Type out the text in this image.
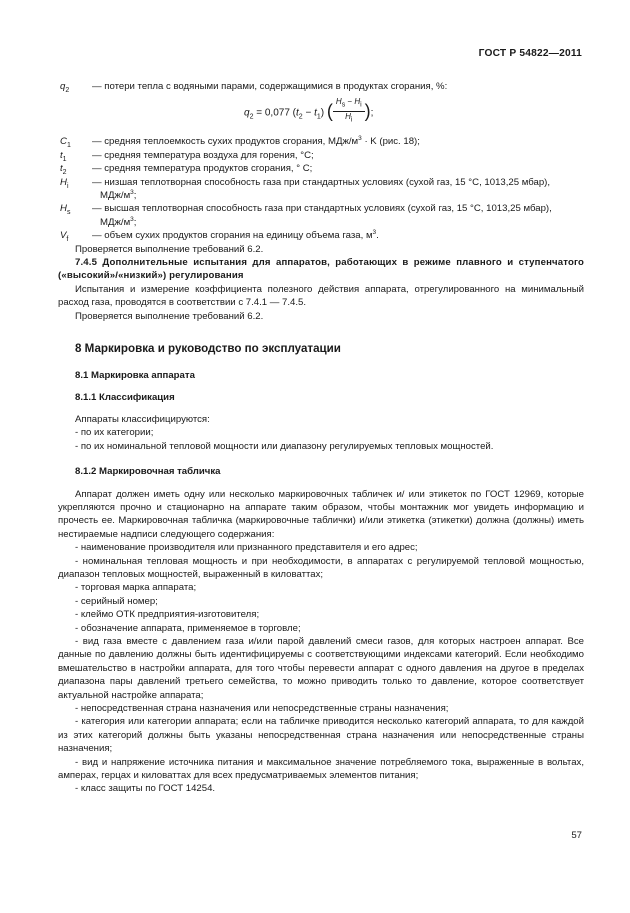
ГОСТ Р 54822—2011

$q_2$ — потери тепла с водяными парами, содержащимися в продуктах сгорания, %:

$q_2 = 0,077$ $(t_2 - t_1)$ ( $\frac{H_s - H_i}{H_i}$ );

$C_1$ — средняя теплоемкость сухих продуктов сгорания, МДж/$м^3 \cdot K$ (рис. 18);

$t_1$	— средняя температура воздуха для горения, °C;

$t_2$	— средняя температура продуктов сгорания, ° C;

$H_i$ — низшая теплотворная способность газа при стандартных условиях (сухой газ, 15 °C, 1013,25 мбар),
МДж/$м^3$;

$H_s$ — высшая теплотворная способность газа при стандартных условиях (сухой газ, 15 °C, 1013,25 мбар),
МДж/$м^3$;

$V_f$ — объем сухих продуктов сгорания на единицу объема газа, $м^3$.

Проверяется выполнение требований 6.2.

7.4.5 Дополнительные испытания для аппаратов, работающих в режиме плавного и ступенчатого («высокий»/«низкий») регулирования

Испытания и измерение коэффициента полезного действия аппарата, отрегулированного на минимальный расход газа, проводятся в соответствии с 7.4.1 — 7.4.5.

Проверяется выполнение требований 6.2.

8 Маркировка и руководство по эксплуатации

8.1 Маркировка аппарата

8.1.1 Классификация

Аппараты классифицируются:

- по их категории;

- по их номинальной тепловой мощности или диапазону регулируемых тепловых мощностей.

8.1.2 Маркировочная табличка

Аппарат должен иметь одну или несколько маркировочных табличек и/ или этикеток по ГОСТ 12969, которые укрепляются прочно и стационарно на аппарате таким образом, чтобы монтажник мог увидеть информацию и прочесть ее. Маркировочная табличка (маркировочные таблички) и/или этикетка (этикетки) должна (должны) иметь нестираемые надписи следующего содержания:

- наименование производителя или признанного представителя и его адрес;

- номинальная тепловая мощность и при необходимости, в аппаратах с регулируемой тепловой мощностью, диапазон тепловых мощностей, выраженный в киловаттах;

- торговая марка аппарата;

- серийный номер;

- клеймо ОТК предприятия-изготовителя;

- обозначение аппарата, применяемое в торговле;

- вид газа вместе с давлением газа и/или парой давлений смеси газов, для которых настроен аппарат. Все данные по давлению должны быть идентифицируемы с соответствующими индексами категорий. Если необходимо вмешательство в настройки аппарата, для того чтобы перевести аппарат с одного давления на другое в пределах диапазона пары давлений третьего семейства, то можно приводить только то давление, которое соответствует актуальной настройке аппарата;

- непосредственная страна назначения или непосредственные страны назначения;

- категория или категории аппарата; если на табличке приводится несколько категорий аппарата, то для каждой из этих категорий должны быть указаны непосредственная страна назначения или непосредственные страны назначения;

- вид и напряжение источника питания и максимальное значение потребляемого тока, выраженные в вольтах, амперах, герцах и киловаттах для всех предусматриваемых элементов питания;

- класс защиты по ГОСТ 14254.

57
